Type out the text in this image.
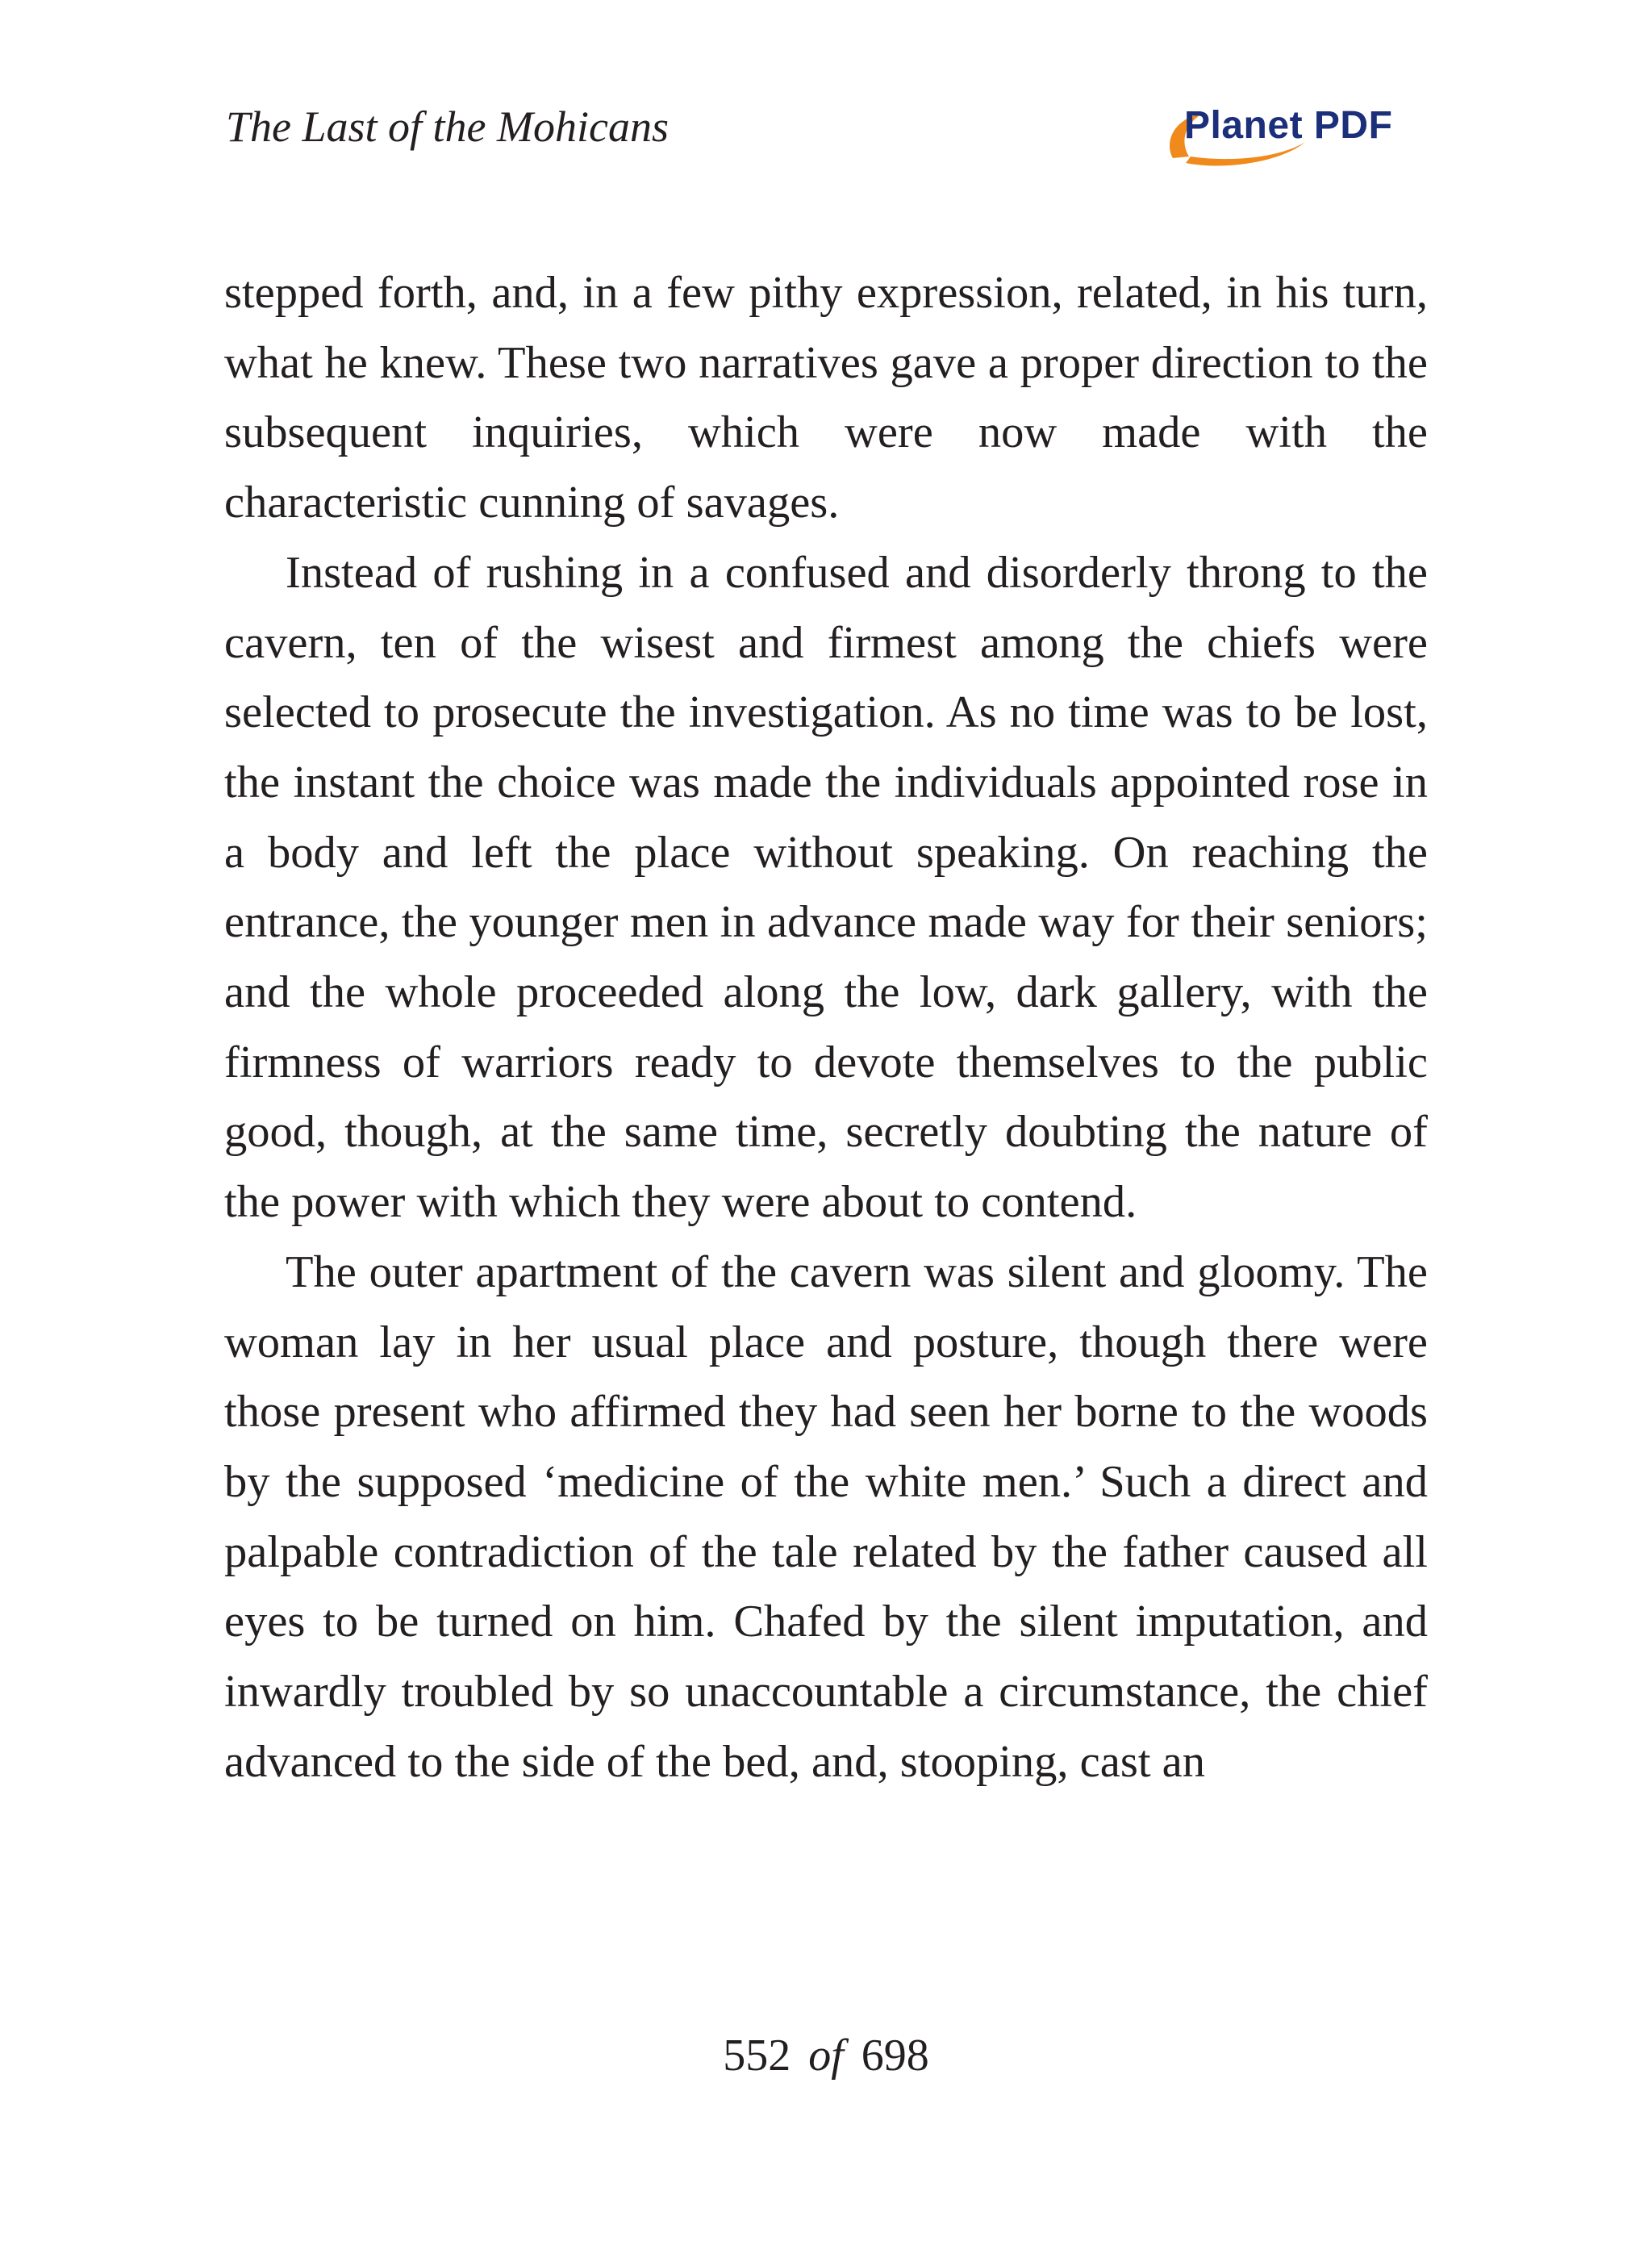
The Last of the Mohicans	Planet PDF

stepped forth, and, in a few pithy expression, related, in his turn, what he knew. These two narratives gave a proper direction to the subsequent inquiries, which were now made with the characteristic cunning of savages.

Instead of rushing in a confused and disorderly throng to the cavern, ten of the wisest and firmest among the chiefs were selected to prosecute the investigation. As no time was to be lost, the instant the choice was made the individuals appointed rose in a body and left the place without speaking. On reaching the entrance, the younger men in advance made way for their seniors; and the whole proceeded along the low, dark gallery, with the firmness of warriors ready to devote themselves to the public good, though, at the same time, secretly doubting the nature of the power with which they were about to contend.

The outer apartment of the cavern was silent and gloomy. The woman lay in her usual place and posture, though there were those present who affirmed they had seen her borne to the woods by the supposed ‘medicine of the white men.’ Such a direct and palpable contradiction of the tale related by the father caused all eyes to be turned on him. Chafed by the silent imputation, and inwardly troubled by so unaccountable a circumstance, the chief advanced to the side of the bed, and, stooping, cast an

552 of 698
